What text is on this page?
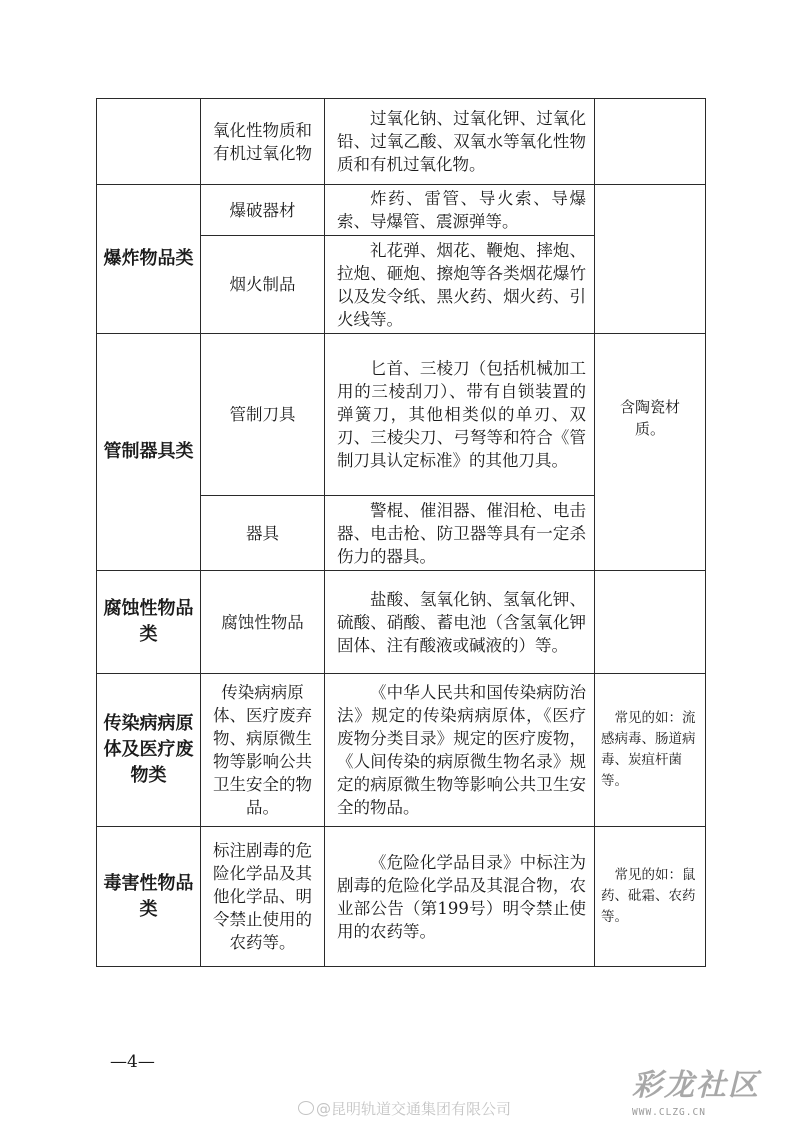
	氧化性物质和有机过氧化物	过氧化钠、过氧化钾、过氧化铅、过氧乙酸、双氧水等氧化性物质和有机过氧化物。	

爆炸物品类	爆破器材	炸药、雷管、导火索、导爆索、导爆管、震源弹等。	

	烟火制品	礼花弹、烟花、鞭炮、摔炮、拉炮、砸炮、擦炮等各类烟花爆竹以及发令纸、黑火药、烟火药、引火线等。	

管制器具类	管制刀具	匕首、三棱刀（包括机械加工用的三棱刮刀）、带有自锁装置的弹簧刀，其他相类似的单刃、双刃、三棱尖刀、弓弩等和符合《管制刀具认定标准》的其他刀具。	含陶瓷材质。

	器具	警棍、催泪器、催泪枪、电击器、电击枪、防卫器等具有一定杀伤力的器具。	

腐蚀性物品类	腐蚀性物品	盐酸、氢氧化钠、氢氧化钾、硫酸、硝酸、蓄电池（含氢氧化钾固体、注有酸液或碱液的）等。	

传染病病原体及医疗废物类	传染病病原体、医疗废弃物、病原微生物等影响公共卫生安全的物品。	《中华人民共和国传染病防治法》规定的传染病病原体，《医疗废物分类目录》规定的医疗废物，《人间传染的病原微生物名录》规定的病原微生物等影响公共卫生安全的物品。	常见的如：流感病毒、肠道病毒、炭疽杆菌等。

毒害性物品类	标注剧毒的危险化学品及其他化学品、明令禁止使用的农药等。	《危险化学品目录》中标注为剧毒的危险化学品及其混合物，农业部公告（第199号）明令禁止使用的农药等。	常见的如：鼠药、砒霜、农药等。
—4—
@昆明轨道交通集团有限公司
彩龙社区
WWW.CLZG.CN
